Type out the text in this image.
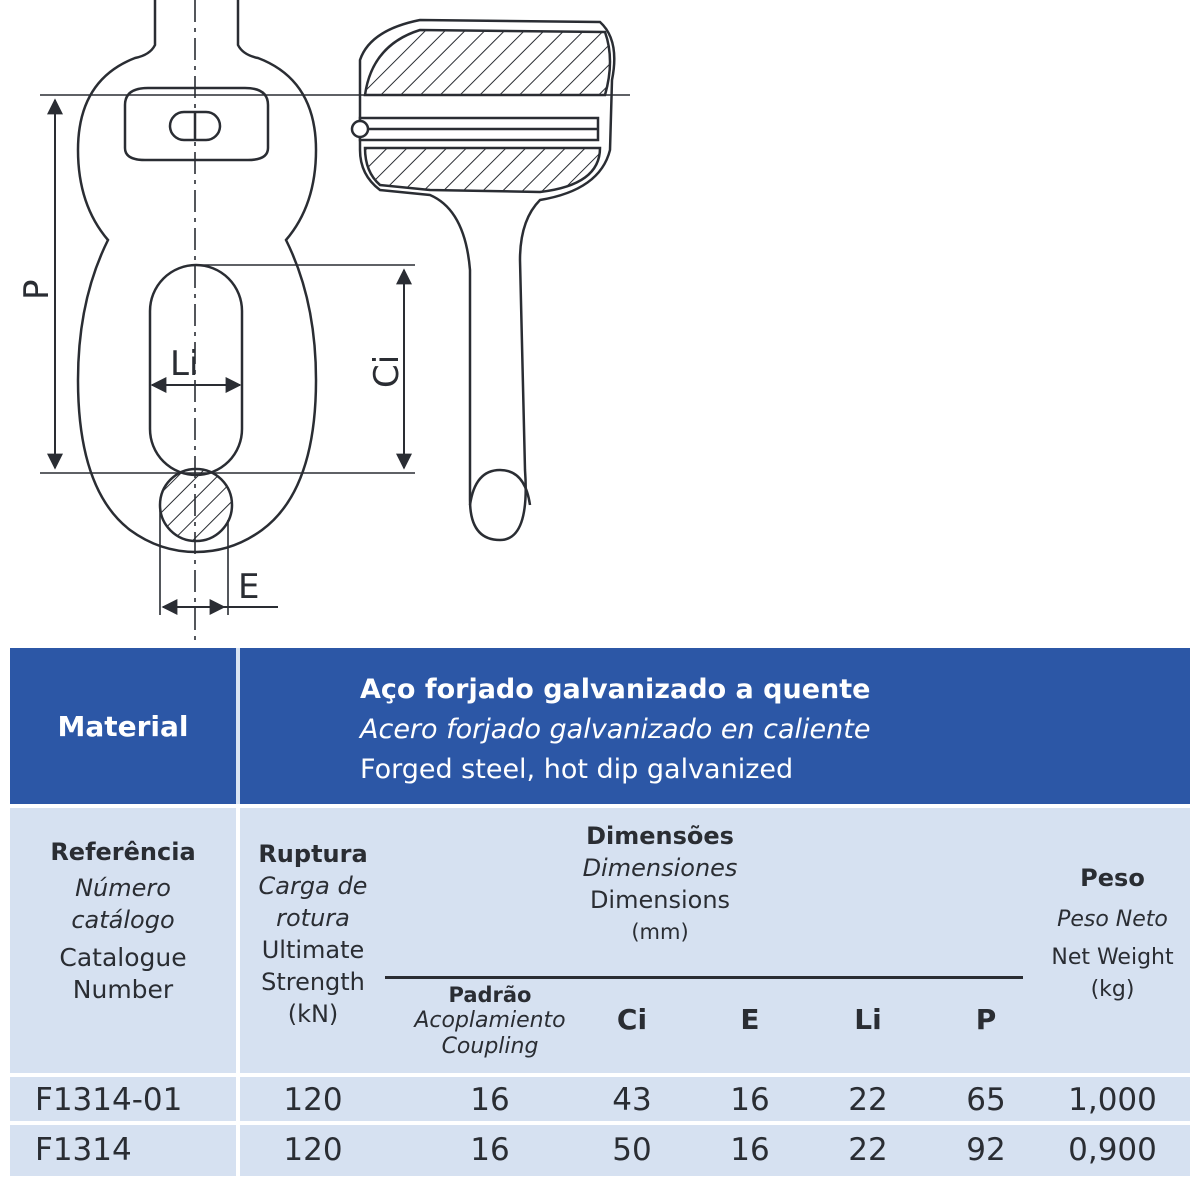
P
Li	Ci
E
Material
Aço forjado galvanizado a quente
Acero forjado galvanizado en caliente
Forged steel, hot dip galvanized
Referência
Número catálogo
Catalogue Number
Ruptura
Carga de rotura
Ultimate Strength
(kN)
Dimensões
Dimensiones
Dimensions
(mm)
Padrão
Acoplamiento
Coupling
Ci	E	Li	P
Peso
Peso Neto
Net Weight
(kg)
F1314-01	120	16	43	16	22	65	1,000
F1314	120	16	50	16	22	92	0,900
